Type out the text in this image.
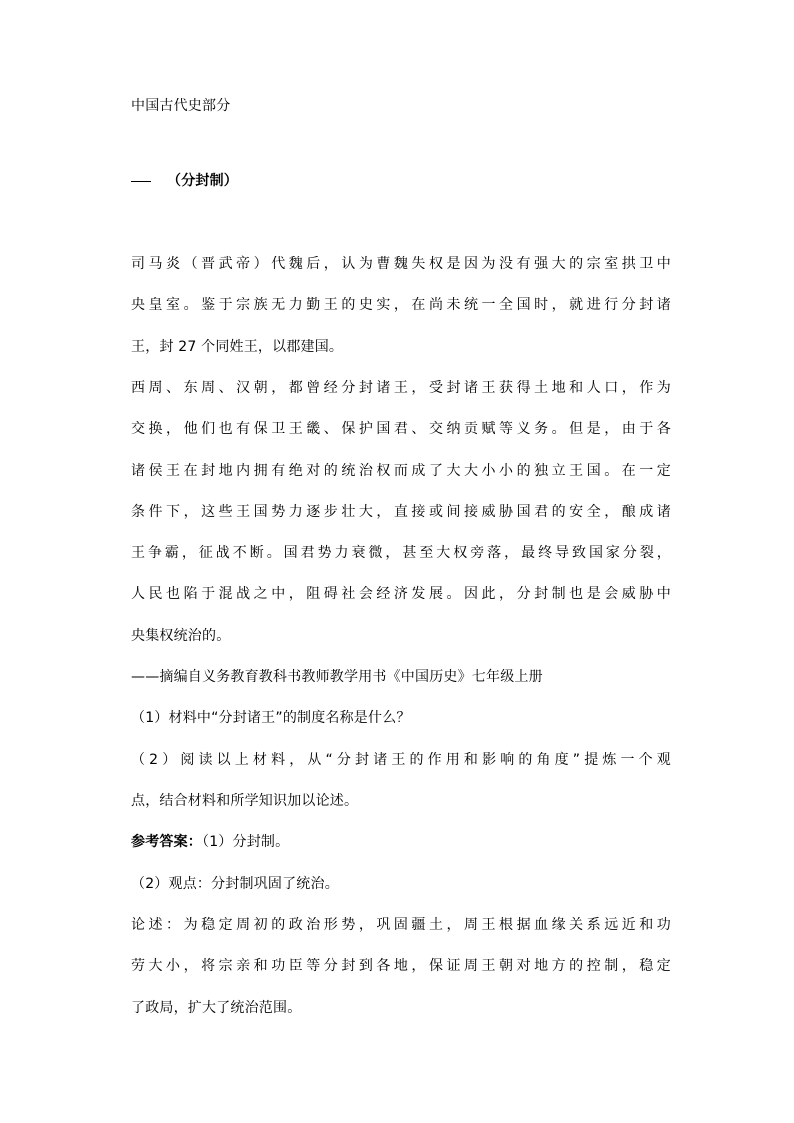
中国古代史部分
（分封制）
司马炎（晋武帝）代魏后，认为曹魏失权是因为没有强大的宗室拱卫中
央皇室。鉴于宗族无力勤王的史实，在尚未统一全国时，就进行分封诸
王，封 27 个同姓王，以郡建国。
西周、东周、汉朝，都曾经分封诸王，受封诸王获得土地和人口，作为
交换，他们也有保卫王畿、保护国君、交纳贡赋等义务。但是，由于各
诸侯王在封地内拥有绝对的统治权而成了大大小小的独立王国。在一定
条件下，这些王国势力逐步壮大，直接或间接威胁国君的安全，酿成诸
王争霸，征战不断。国君势力衰微，甚至大权旁落，最终导致国家分裂，
人民也陷于混战之中，阻碍社会经济发展。因此，分封制也是会威胁中
央集权统治的。
——摘编自义务教育教科书教师教学用书《中国历史》七年级上册
（1）材料中“分封诸王”的制度名称是什么？
（2）阅读以上材料，从“分封诸王的作用和影响的角度”提炼一个观
点，结合材料和所学知识加以论述。
参考答案：（1）分封制。
（2）观点：分封制巩固了统治。
论述：为稳定周初的政治形势，巩固疆土，周王根据血缘关系远近和功
劳大小，将宗亲和功臣等分封到各地，保证周王朝对地方的控制，稳定
了政局，扩大了统治范围。
